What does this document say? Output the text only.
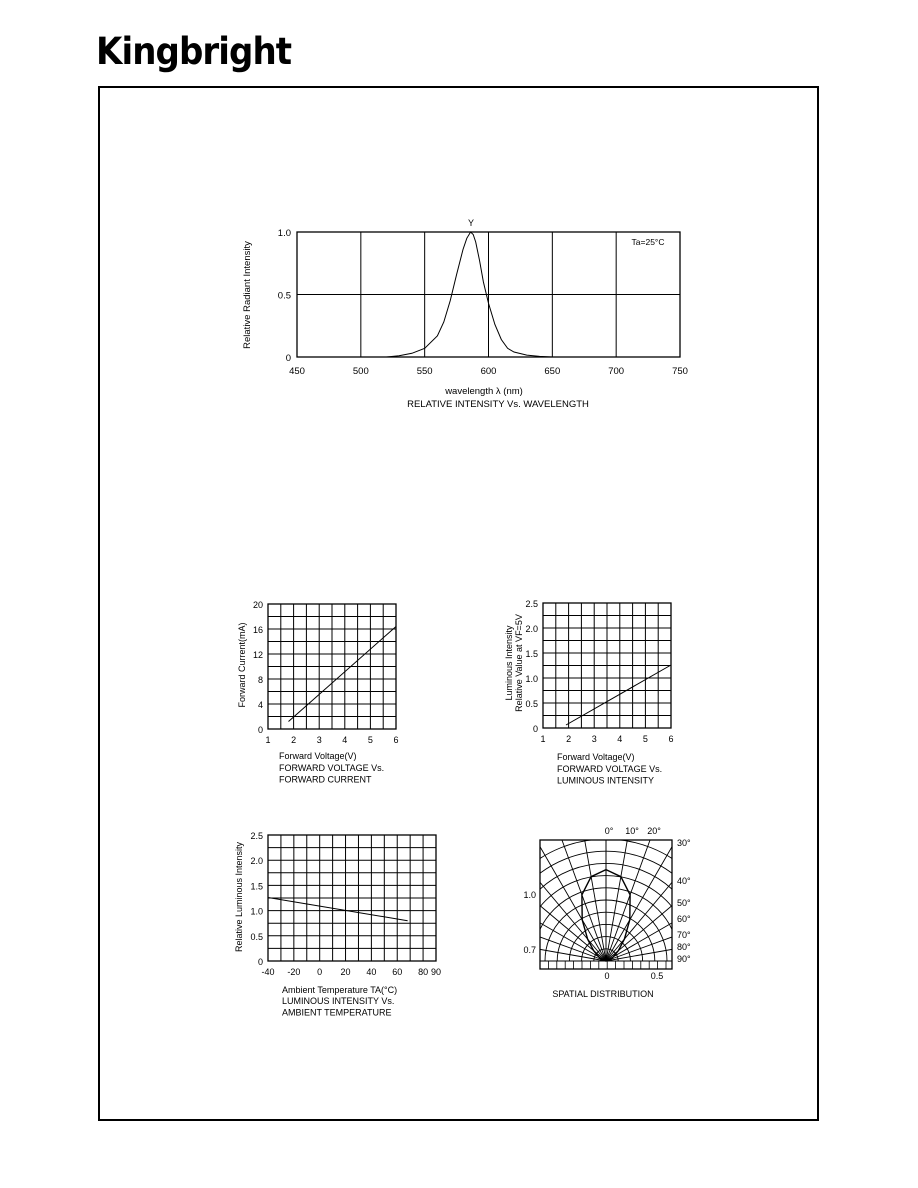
Kingbright
450	500	550	600	650	700	750
0
0.5
1.0
wavelength λ (nm)
RELATIVE INTENSITY Vs. WAVELENGTH
Relative Radiant Intensity
Y
Ta=25°C
1 2 3 4 5 6
0
4
8
12
16
20
Forward Voltage(V)
FORWARD VOLTAGE Vs.
FORWARD CURRENT
Forward Current(mA)
1 2 3 4 5 6
0
0.5
1.0
1.5
2.0
2.5
Forward Voltage(V)
FORWARD VOLTAGE Vs.
LUMINOUS INTENSITY
Luminous Intensity Relative Value at VF=5V
-40 -20 0 20 40 60 80 90
0
0.5
1.0
1.5
2.0
2.5
Ambient Temperature TA(°C)
LUMINOUS INTENSITY Vs.
AMBIENT TEMPERATURE
Relative Luminous Intensity
0° 10° 20°
30°
40°
50°
60°
70°
80°
90°
1.0
0.7
0	0.5
SPATIAL DISTRIBUTION
